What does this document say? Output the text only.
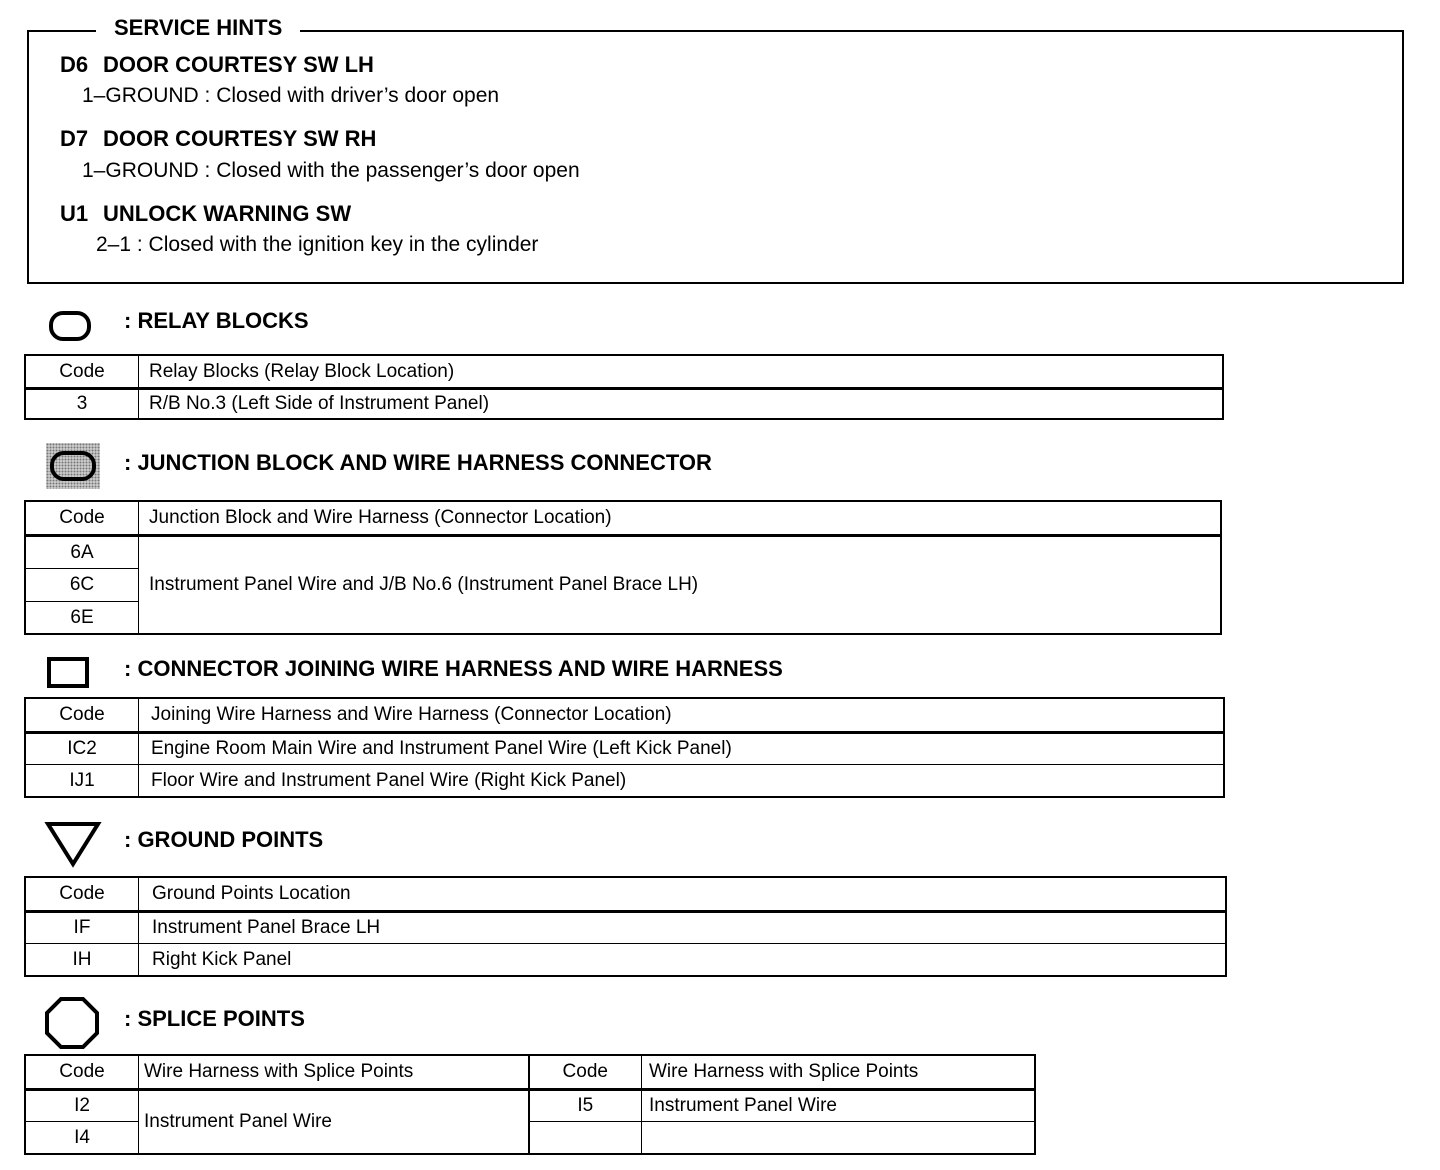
SERVICE HINTS
D6 DOOR COURTESY SW LH
1–GROUND : Closed with driver’s door open
D7 DOOR COURTESY SW RH
1–GROUND : Closed with the passenger’s door open
U1 UNLOCK WARNING SW
2–1 : Closed with the ignition key in the cylinder
: RELAY BLOCKS
Code	Relay Blocks (Relay Block Location)
3	R/B No.3 (Left Side of Instrument Panel)
: JUNCTION BLOCK AND WIRE HARNESS CONNECTOR
Code	Junction Block and Wire Harness (Connector Location)
6A	Instrument Panel Wire and J/B No.6 (Instrument Panel Brace LH)
6C	
6E	
: CONNECTOR JOINING WIRE HARNESS AND WIRE HARNESS
Code	Joining Wire Harness and Wire Harness (Connector Location)
IC2	Engine Room Main Wire and Instrument Panel Wire (Left Kick Panel)
IJ1	Floor Wire and Instrument Panel Wire (Right Kick Panel)
: GROUND POINTS
Code	Ground Points Location
IF	Instrument Panel Brace LH
IH	Right Kick Panel
: SPLICE POINTS
Code	Wire Harness with Splice Points	Code	Wire Harness with Splice Points
I2	Instrument Panel Wire	I5	Instrument Panel Wire
I4			
